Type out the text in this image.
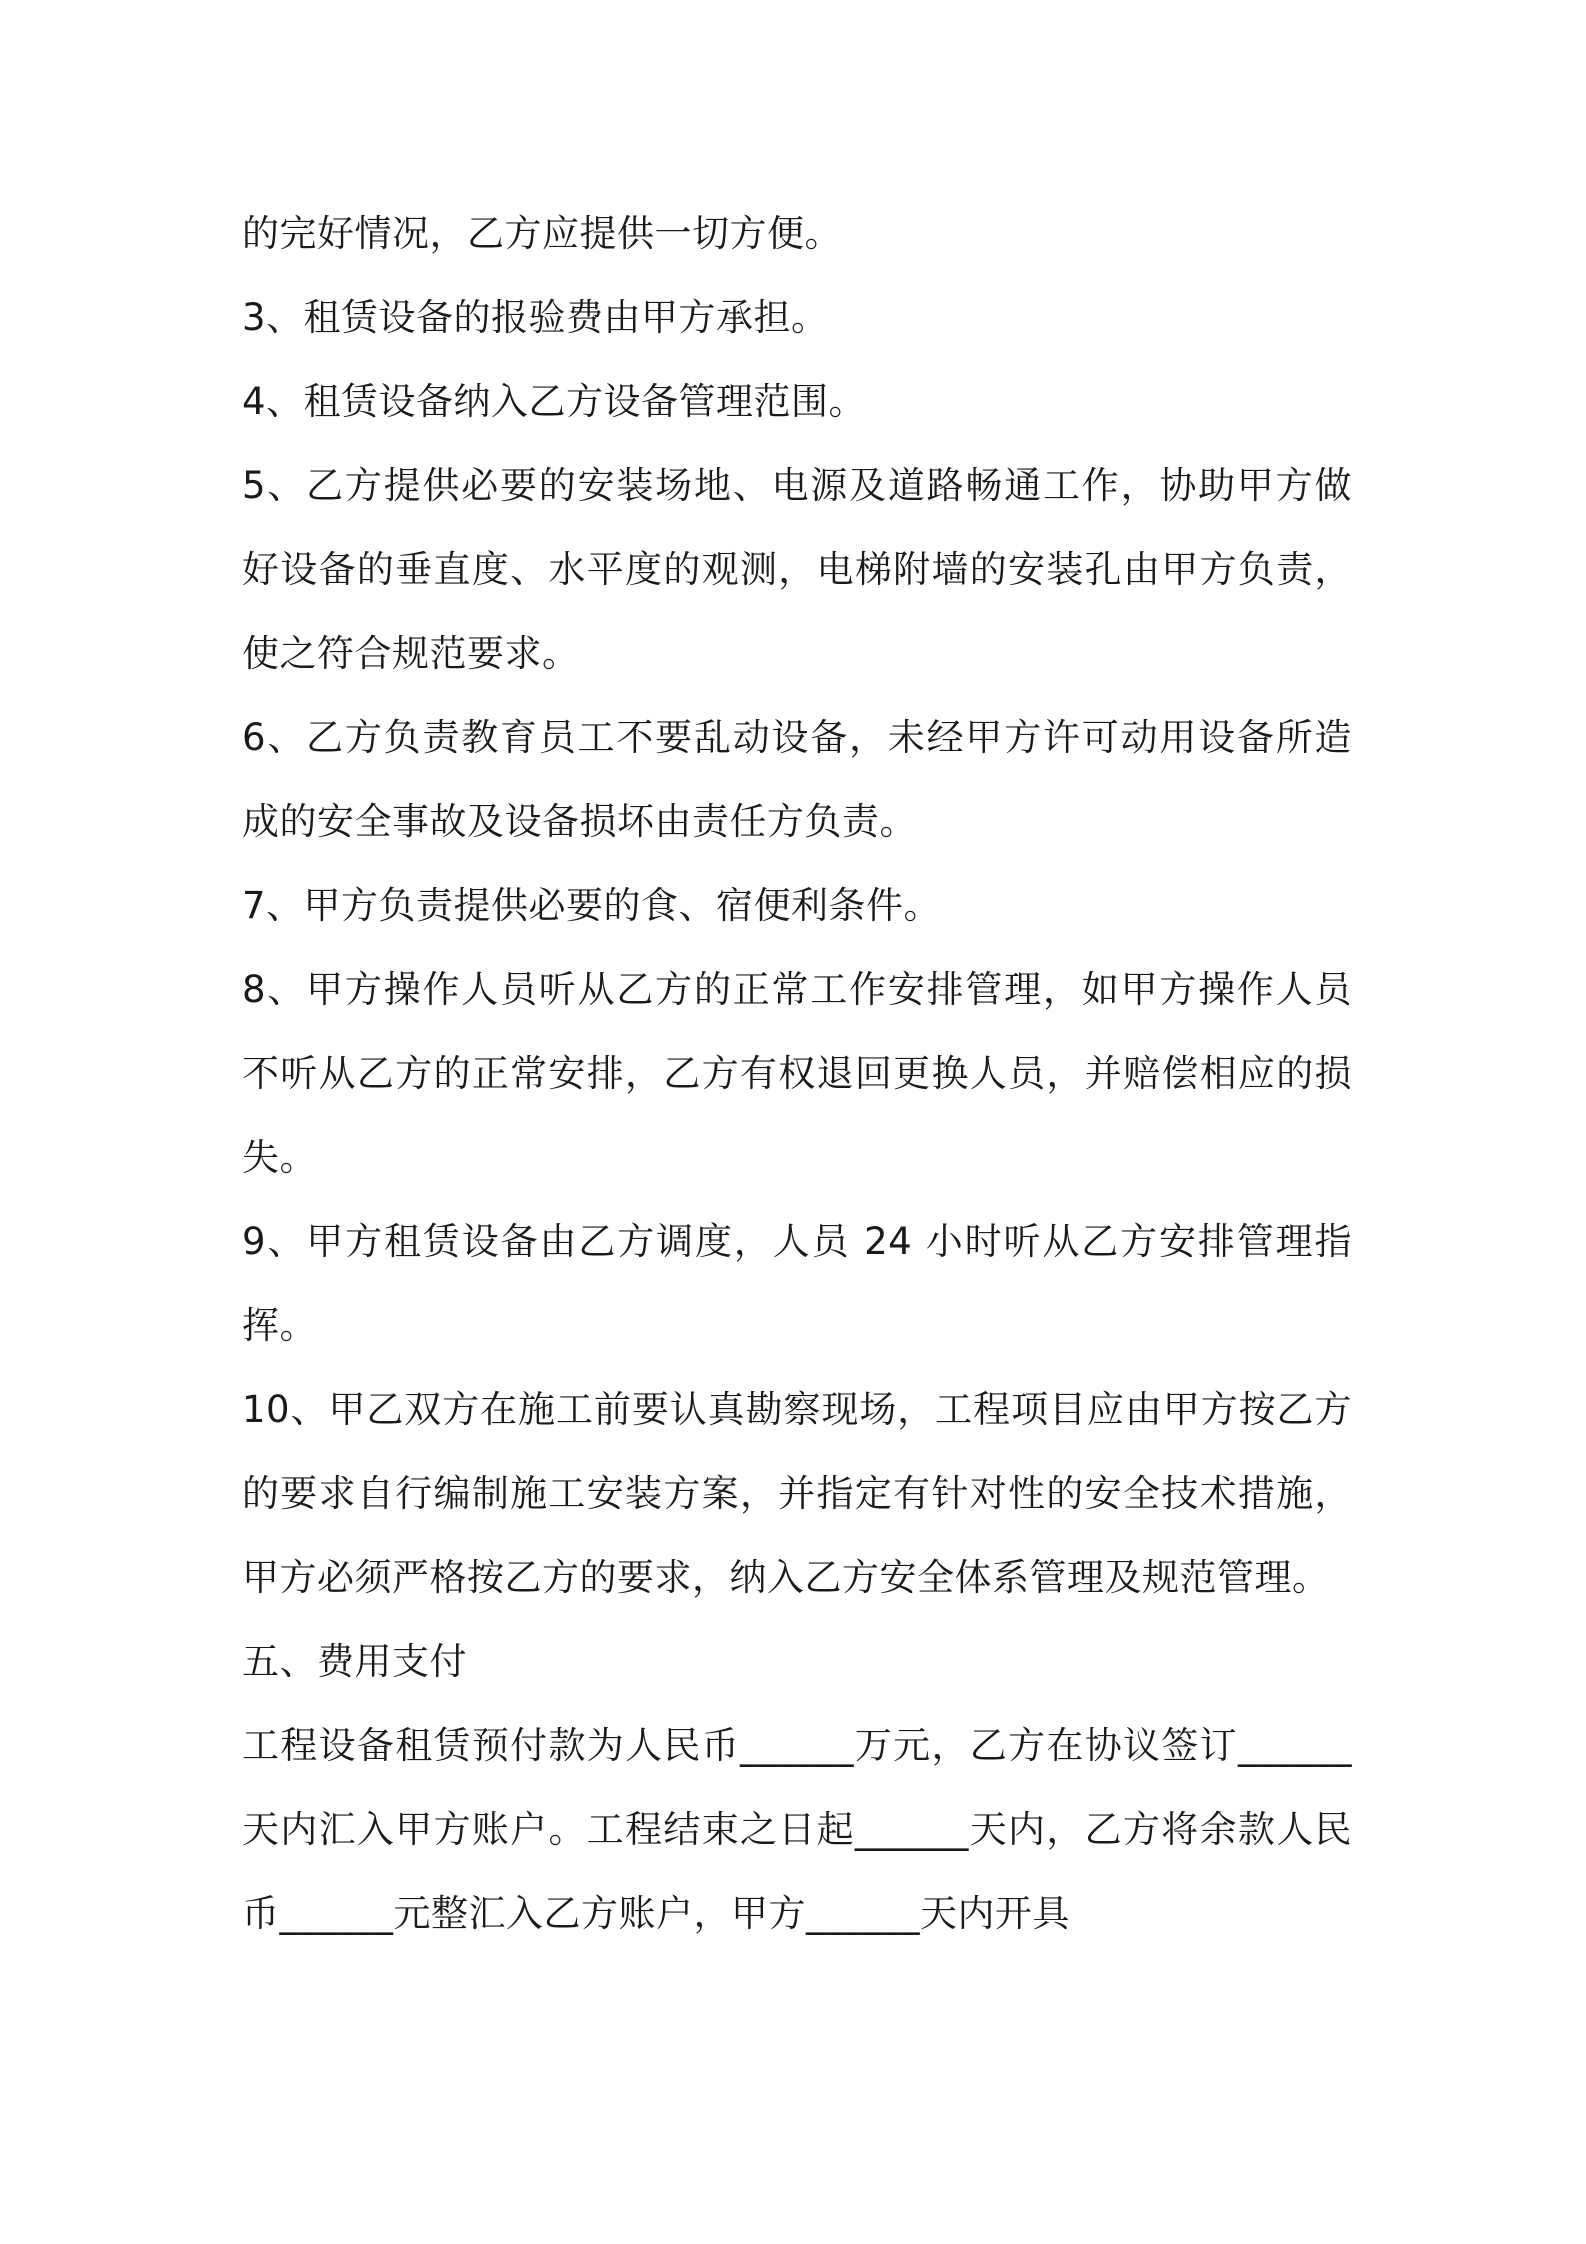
的完好情况，乙方应提供一切方便。

3、租赁设备的报验费由甲方承担。

4、租赁设备纳入乙方设备管理范围。

5、乙方提供必要的安装场地、电源及道路畅通工作，协助甲方做好设备的垂直度、水平度的观测，电梯附墙的安装孔由甲方负责，使之符合规范要求。

6、乙方负责教育员工不要乱动设备，未经甲方许可动用设备所造成的安全事故及设备损坏由责任方负责。

7、甲方负责提供必要的食、宿便利条件。

8、甲方操作人员听从乙方的正常工作安排管理，如甲方操作人员不听从乙方的正常安排，乙方有权退回更换人员，并赔偿相应的损失。

9、甲方租赁设备由乙方调度，人员 24 小时听从乙方安排管理指挥。

10、甲乙双方在施工前要认真勘察现场，工程项目应由甲方按乙方的要求自行编制施工安装方案，并指定有针对性的安全技术措施，甲方必须严格按乙方的要求，纳入乙方安全体系管理及规范管理。

五、费用支付

工程设备租赁预付款为人民币______万元，乙方在协议签订______天内汇入甲方账户。工程结束之日起______天内，乙方将余款人民币______元整汇入乙方账户，甲方______天内开具
